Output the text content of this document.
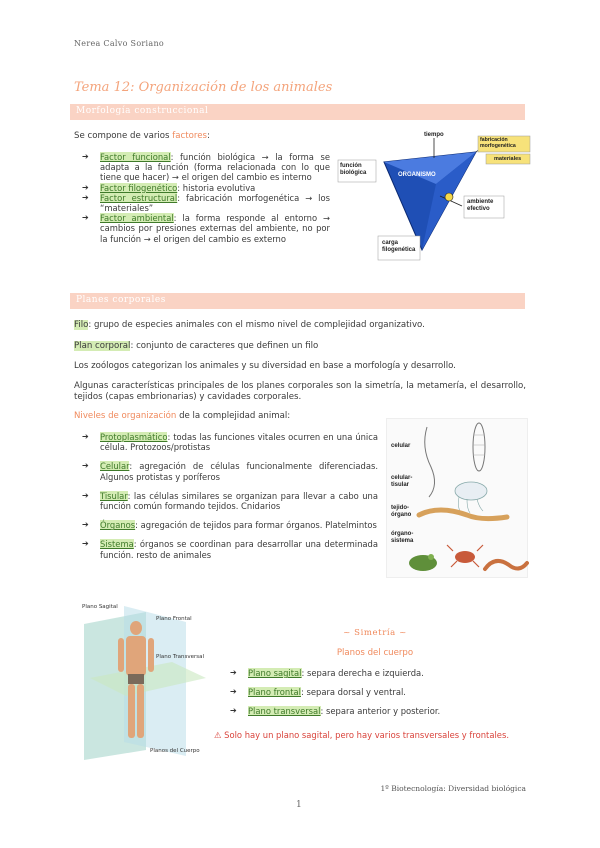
Nerea Calvo Soriano
Tema 12: Organización de los animales
Morfología construccional
Se compone de varios factores:
➔ Factor funcional: función biológica → la forma se adapta a la función (forma relacionada con lo que tiene que hacer) → el origen del cambio es interno
➔ Factor filogenético: historia evolutiva
➔ Factor estructural: fabricación morfogenética → los “materiales”
➔ Factor ambiental: la forma responde al entorno → cambios por presiones externas del ambiente, no por la función → el origen del cambio es externo
tiempo
función biológica
fabricación morfogenética
materiales
ORGANISMO
ambiente efectivo
carga filogenética
Planes corporales
Filo: grupo de especies animales con el mismo nivel de complejidad organizativo.
Plan corporal: conjunto de caracteres que definen un filo
Los zoólogos categorizan los animales y su diversidad en base a morfología y desarrollo.
Algunas características principales de los planes corporales son la simetría, la metamería, el desarrollo, tejidos (capas embrionarias) y cavidades corporales.
Niveles de organización de la complejidad animal:
➔ Protoplasmático: todas las funciones vitales ocurren en una única célula. Protozoos/protistas
➔ Celular: agregación de células funcionalmente diferenciadas. Algunos protistas y poríferos
➔ Tisular: las células similares se organizan para llevar a cabo una función común formando tejidos. Cnidarios
➔ Órganos: agregación de tejidos para formar órganos. Platelmintos
➔ Sistema: órganos se coordinan para desarrollar una determinada función. resto de animales
celular
celular-tisular
tejido-órgano
órgano-sistema
Plano Sagital
Plano Frontal
Plano Transversal
Planos del Cuerpo
~ Simetría ~
Planos del cuerpo
➔ Plano sagital: separa derecha e izquierda.
➔ Plano frontal: separa dorsal y ventral.
➔ Plano transversal: separa anterior y posterior.
⚠ Solo hay un plano sagital, pero hay varios transversales y frontales.
1º Biotecnología: Diversidad biológica
1
